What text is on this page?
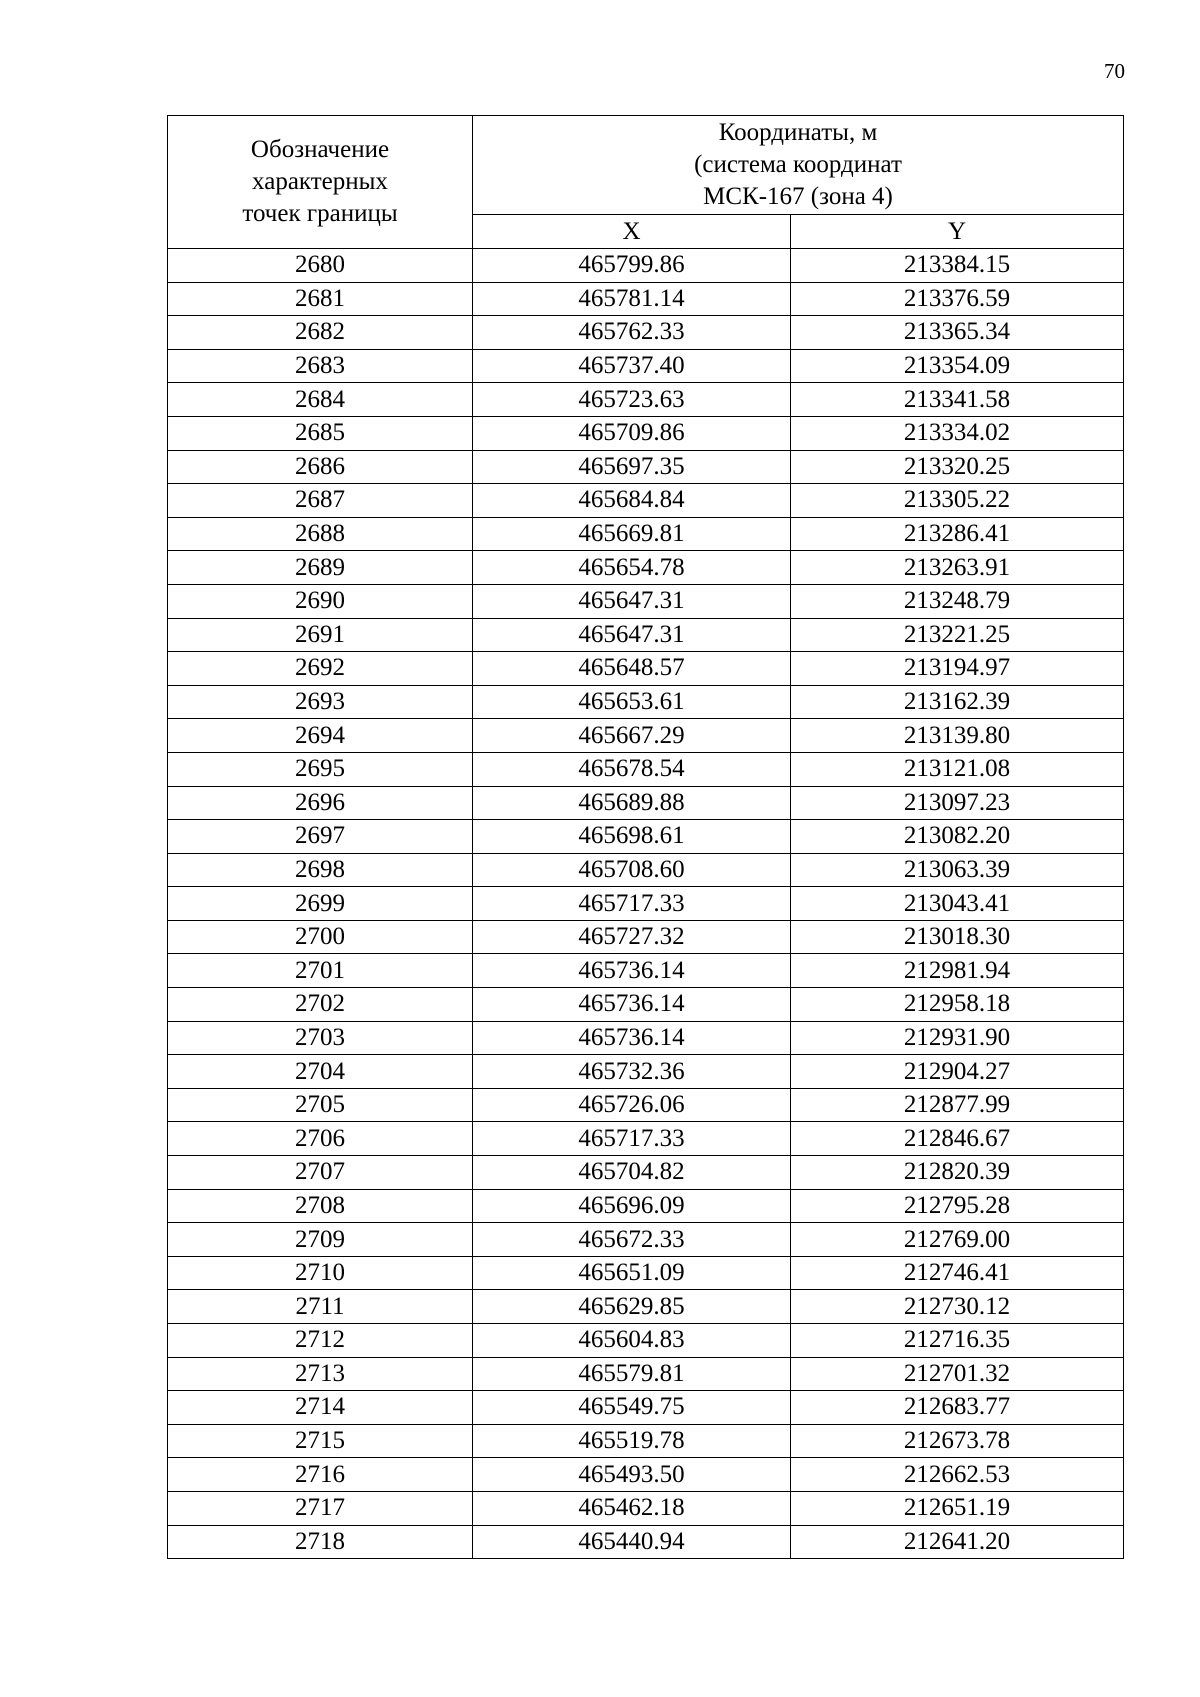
70
Обозначение
характерных
точек границы	Координаты, м
(система координат
МСК-167 (зона 4)	

	X	Y
2680	465799.86	213384.15
2681	465781.14	213376.59
2682	465762.33	213365.34
2683	465737.40	213354.09
2684	465723.63	213341.58
2685	465709.86	213334.02
2686	465697.35	213320.25
2687	465684.84	213305.22
2688	465669.81	213286.41
2689	465654.78	213263.91
2690	465647.31	213248.79
2691	465647.31	213221.25
2692	465648.57	213194.97
2693	465653.61	213162.39
2694	465667.29	213139.80
2695	465678.54	213121.08
2696	465689.88	213097.23
2697	465698.61	213082.20
2698	465708.60	213063.39
2699	465717.33	213043.41
2700	465727.32	213018.30
2701	465736.14	212981.94
2702	465736.14	212958.18
2703	465736.14	212931.90
2704	465732.36	212904.27
2705	465726.06	212877.99
2706	465717.33	212846.67
2707	465704.82	212820.39
2708	465696.09	212795.28
2709	465672.33	212769.00
2710	465651.09	212746.41
2711	465629.85	212730.12
2712	465604.83	212716.35
2713	465579.81	212701.32
2714	465549.75	212683.77
2715	465519.78	212673.78
2716	465493.50	212662.53
2717	465462.18	212651.19
2718	465440.94	212641.20
